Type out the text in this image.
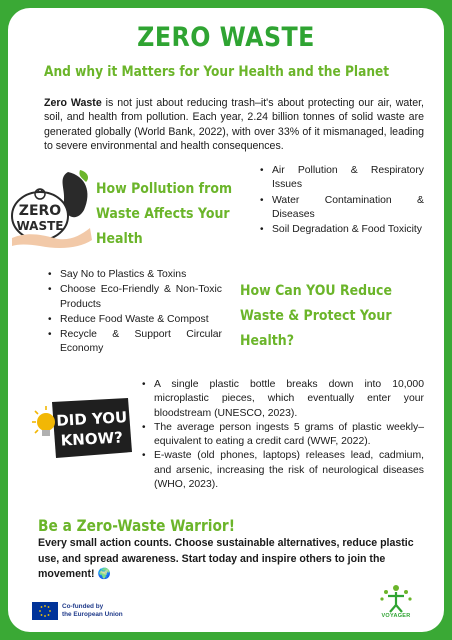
ZERO WASTE
And why it Matters for Your Health and the Planet

Zero Waste is not just about reducing trash–it's about protecting our air, water, soil, and health from pollution. Each year, 2.24 billion tonnes of solid waste are generated globally (World Bank, 2022), with over 33% of it mismanaged, leading to severe environmental and health consequences.

ZERO
WASTE
How Pollution from
Waste Affects Your
Health
• Air Pollution & Respiratory Issues
• Water Contamination & Diseases
• Soil Degradation & Food Toxicity
• Say No to Plastics & Toxins
• Choose Eco-Friendly & Non-Toxic Products
• Reduce Food Waste & Compost
• Recycle & Support Circular Economy
How Can YOU Reduce
Waste & Protect Your
Health?
DID YOU
KNOW?
• A single plastic bottle breaks down into 10,000 microplastic pieces, which eventually enter your bloodstream (UNESCO, 2023).
• The average person ingests 5 grams of plastic weekly–equivalent to eating a credit card (WWF, 2022).
• E-waste (old phones, laptops) releases lead, cadmium, and arsenic, increasing the risk of neurological diseases (WHO, 2023).
Be a Zero-Waste Warrior!

Every small action counts. Choose sustainable alternatives, reduce plastic use, and spread awareness. Start today and inspire others to join the movement! 🌍

Co-funded by
the European Union	VOYAGER
